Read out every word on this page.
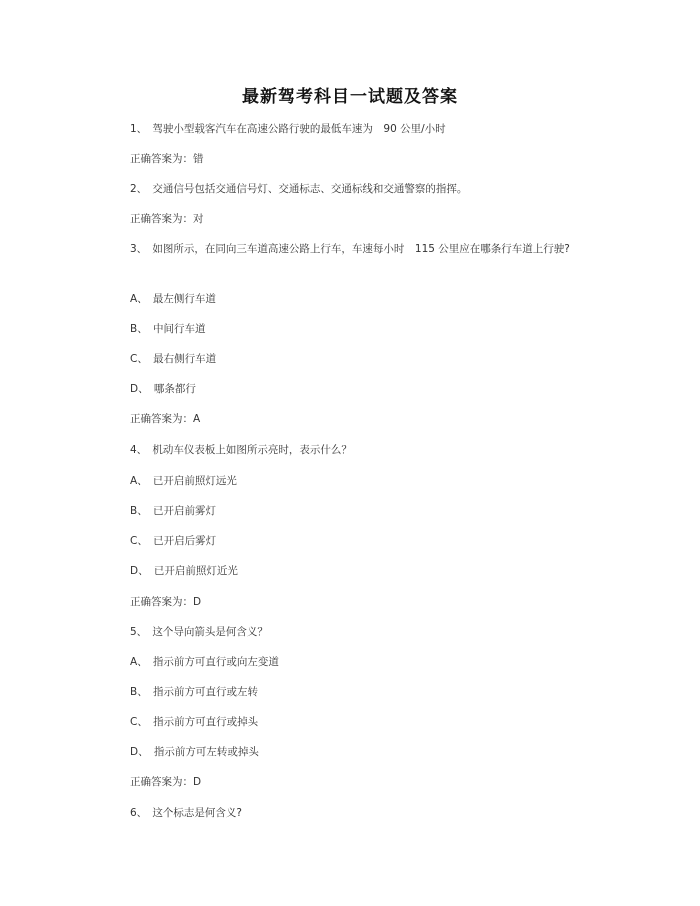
最新驾考科目一试题及答案
1、　驾驶小型载客汽车在高速公路行驶的最低车速为　90 公里/小时
正确答案为：错
2、　交通信号包括交通信号灯、交通标志、交通标线和交通警察的指挥。
正确答案为：对
3、　如图所示，在同向三车道高速公路上行车，车速每小时　115 公里应在哪条行车道上行驶?
A、　最左侧行车道
B、　中间行车道
C、　最右侧行车道
D、　哪条都行
正确答案为：A
4、　机动车仪表板上如图所示亮时，表示什么？
A、　已开启前照灯远光
B、　已开启前雾灯
C、　已开启后雾灯
D、　已开启前照灯近光
正确答案为：D
5、　这个导向箭头是何含义？
A、　指示前方可直行或向左变道
B、　指示前方可直行或左转
C、　指示前方可直行或掉头
D、　指示前方可左转或掉头
正确答案为：D
6、　这个标志是何含义?
